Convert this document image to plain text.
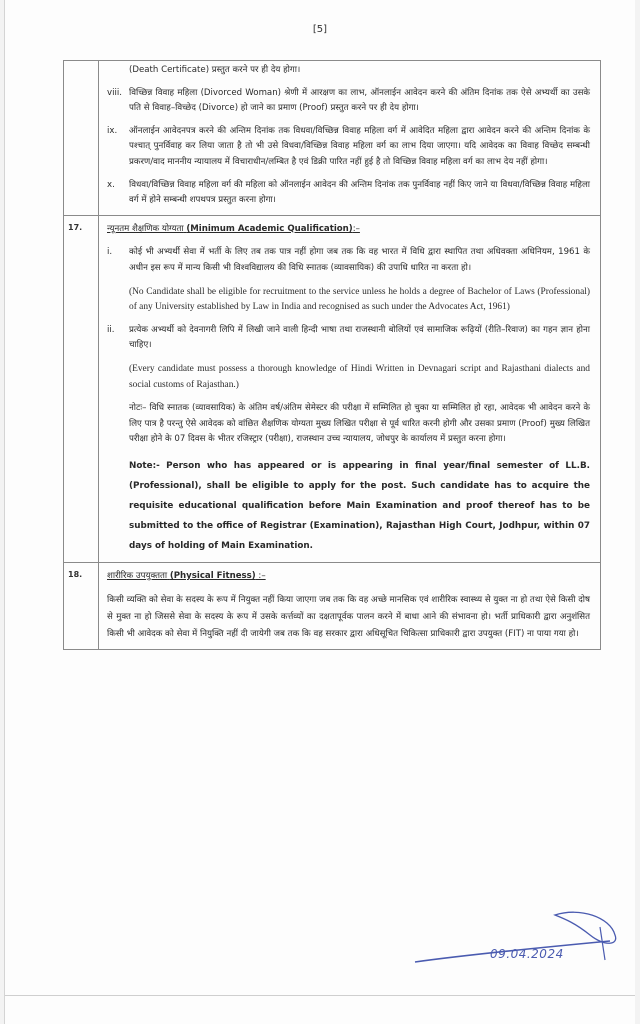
[5]

(Death Certificate) प्रस्तुत करने पर ही देय होगा।
viii. विच्छिन्न विवाह महिला (Divorced Woman) श्रेणी में आरक्षण का लाभ, ऑनलाईन आवेदन करने की अंतिम दिनांक तक ऐसे अभ्यर्थी का उसके पति से विवाह–विच्छेद (Divorce) हो जाने का प्रमाण (Proof) प्रस्तुत करने पर ही देय होगा।
ix.	ऑनलाईन आवेदनपत्र करने की अन्तिम दिनांक तक विधवा/विच्छिन्न विवाह महिला वर्ग में आवेदित महिला द्वारा आवेदन करने की अन्तिम दिनांक के पश्चात् पुनर्विवाह कर लिया जाता है तो भी उसे विधवा/विच्छिन्न विवाह महिला वर्ग का लाभ दिया जाएगा। यदि आवेदक का विवाह विच्छेद सम्बन्धी प्रकरण/वाद माननीय न्यायालय में विचाराधीन/लम्बित है एवं डिक्री पारित नहीं हुई है तो विच्छिन्न विवाह महिला वर्ग का लाभ देय नहीं होगा।
x.	विधवा/विच्छिन्न विवाह महिला वर्ग की महिला को ऑनलाईन आवेदन की अन्तिम दिनांक तक पुनर्विवाह नहीं किए जाने या विधवा/विच्छिन्न विवाह महिला वर्ग में होने सम्बन्धी शपथपत्र प्रस्तुत करना होगा।

17.	न्यूनतम शैक्षणिक योग्यता (Minimum Academic Qualification):–
i.	कोई भी अभ्यर्थी सेवा में भर्ती के लिए तब तक पात्र नहीं होगा जब तक कि वह भारत में विधि द्वारा स्थापित तथा अधिवक्ता अधिनियम, 1961 के अधीन इस रूप में मान्य किसी भी विश्वविद्यालय की विधि स्नातक (व्यावसायिक) की उपाधि धारित ना करता हो।
(No Candidate shall be eligible for recruitment to the service unless he holds a degree of Bachelor of Laws (Professional) of any University established by Law in India and recognised as such under the Advocates Act, 1961)
ii.	प्रत्येक अभ्यर्थी को देवनागरी लिपि में लिखी जाने वाली हिन्दी भाषा तथा राजस्थानी बोलियों एवं सामाजिक रूढ़ियों (रीति–रिवाज) का गहन ज्ञान होना चाहिए।
(Every candidate must possess a thorough knowledge of Hindi Written in Devnagari script and Rajasthani dialects and social customs of Rajasthan.)
नोटः– विधि स्नातक (व्यावसायिक) के अंतिम वर्ष/अंतिम सेमेस्टर की परीक्षा में सम्मिलित हो चुका या सम्मिलित हो रहा, आवेदक भी आवेदन करने के लिए पात्र है परन्तु ऐसे आवेदक को वांछित शैक्षणिक योग्यता मुख्य लिखित परीक्षा से पूर्व धारित करनी होगी और उसका प्रमाण (Proof) मुख्य लिखित परीक्षा होने के 07 दिवस के भीतर रजिस्ट्रार (परीक्षा), राजस्थान उच्च न्यायालय, जोधपुर के कार्यालय में प्रस्तुत करना होगा।
Note:- Person who has appeared or is appearing in final year/final semester of LL.B. (Professional), shall be eligible to apply for the post. Such candidate has to acquire the requisite educational qualification before Main Examination and proof thereof has to be submitted to the office of Registrar (Examination), Rajasthan High Court, Jodhpur, within 07 days of holding of Main Examination.

18.	शारीरिक उपयुक्तता (Physical Fitness) :–
किसी व्यक्ति को सेवा के सदस्य के रूप में नियुक्त नहीं किया जाएगा जब तक कि वह अच्छे मानसिक एवं शारीरिक स्वास्थ्य से युक्त ना हो तथा ऐसे किसी दोष से मुक्त ना हो जिससे सेवा के सदस्य के रूप में उसके कर्त्तव्यों का दक्षतापूर्वक पालन करने में बाधा आने की संभावना हो। भर्ती प्राधिकारी द्वारा अनुशंसित किसी भी आवेदक को सेवा में नियुक्ति नहीं दी जायेगी जब तक कि वह सरकार द्वारा अधिसूचित चिकित्सा प्राधिकारी द्वारा उपयुक्त (FIT) ना पाया गया हो।
09.04.2024
